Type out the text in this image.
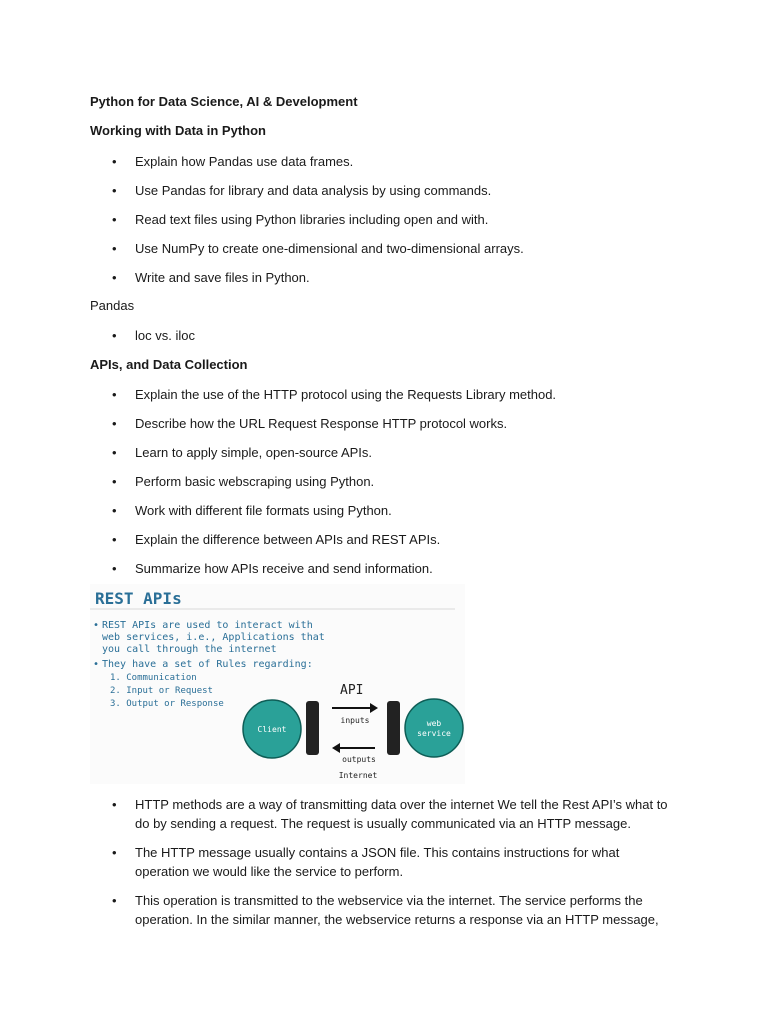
Python for Data Science, AI & Development
Working with Data in Python
• Explain how Pandas use data frames.
• Use Pandas for library and data analysis by using commands.
• Read text files using Python libraries including open and with.
• Use NumPy to create one-dimensional and two-dimensional arrays.
• Write and save files in Python.
Pandas
• loc vs. iloc
APIs, and Data Collection
• Explain the use of the HTTP protocol using the Requests Library method.
• Describe how the URL Request Response HTTP protocol works.
• Learn to apply simple, open-source APIs.
• Perform basic webscraping using Python.
• Work with different file formats using Python.
• Explain the difference between APIs and REST APIs.
• Summarize how APIs receive and send information.
REST APIs
• REST APIs are used to interact with
web services, i.e., Applications that
you call through the internet
• They have a set of Rules regarding:
1. Communication
2. Input or Request
3. Output or Response
API
Client
inputs
outputs
web
service
Internet
• HTTP methods are a way of transmitting data over the internet We tell the Rest API’s what to
do by sending a request. The request is usually communicated via an HTTP message.
• The HTTP message usually contains a JSON file. This contains instructions for what
operation we would like the service to perform.
• This operation is transmitted to the webservice via the internet. The service performs the
operation. In the similar manner, the webservice returns a response via an HTTP message,
